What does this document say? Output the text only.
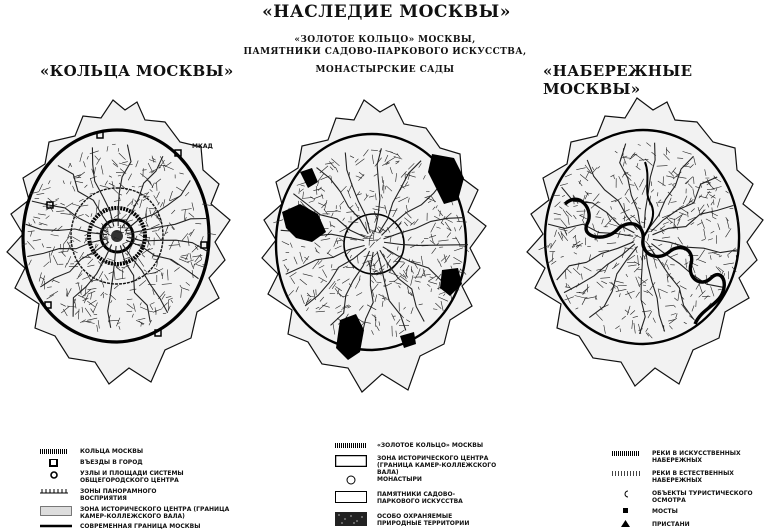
«НАСЛЕДИЕ МОСКВЫ»
«ЗОЛОТОЕ КОЛЬЦО» МОСКВЫ,
ПАМЯТНИКИ САДОВО-ПАРКОВОГО ИСКУССТВА,
МОНАСТЫРСКИЕ САДЫ
«КОЛЬЦА МОСКВЫ»	«НАБЕРЕЖНЫЕ МОСКВЫ»
МКАД
КОЛЬЦА МОСКВЫ
ВЪЕЗДЫ В ГОРОД
УЗЛЫ И ПЛОЩАДИ СИСТЕМЫ ОБЩЕГОРОДСКОГО ЦЕНТРА
ЗОНЫ ПАНОРАМНОГО ВОСПРИЯТИЯ
ЗОНА ИСТОРИЧЕСКОГО ЦЕНТРА (ГРАНИЦА КАМЕР-КОЛЛЕЖСКОГО ВАЛА)
СОВРЕМЕННАЯ ГРАНИЦА МОСКВЫ
«ЗОЛОТОЕ КОЛЬЦО» МОСКВЫ
ЗОНА ИСТОРИЧЕСКОГО ЦЕНТРА (ГРАНИЦА КАМЕР-КОЛЛЕЖСКОГО ВАЛА)
МОНАСТЫРИ
ПАМЯТНИКИ САДОВО-ПАРКОВОГО ИСКУССТВА
ОСОБО ОХРАНЯЕМЫЕ ПРИРОДНЫЕ ТЕРРИТОРИИ
РЕКИ В ИСКУССТВЕННЫХ НАБЕРЕЖНЫХ
РЕКИ В ЕСТЕСТВЕННЫХ НАБЕРЕЖНЫХ
ОБЪЕКТЫ ТУРИСТИЧЕСКОГО ОСМОТРА
МОСТЫ
ПРИСТАНИ
